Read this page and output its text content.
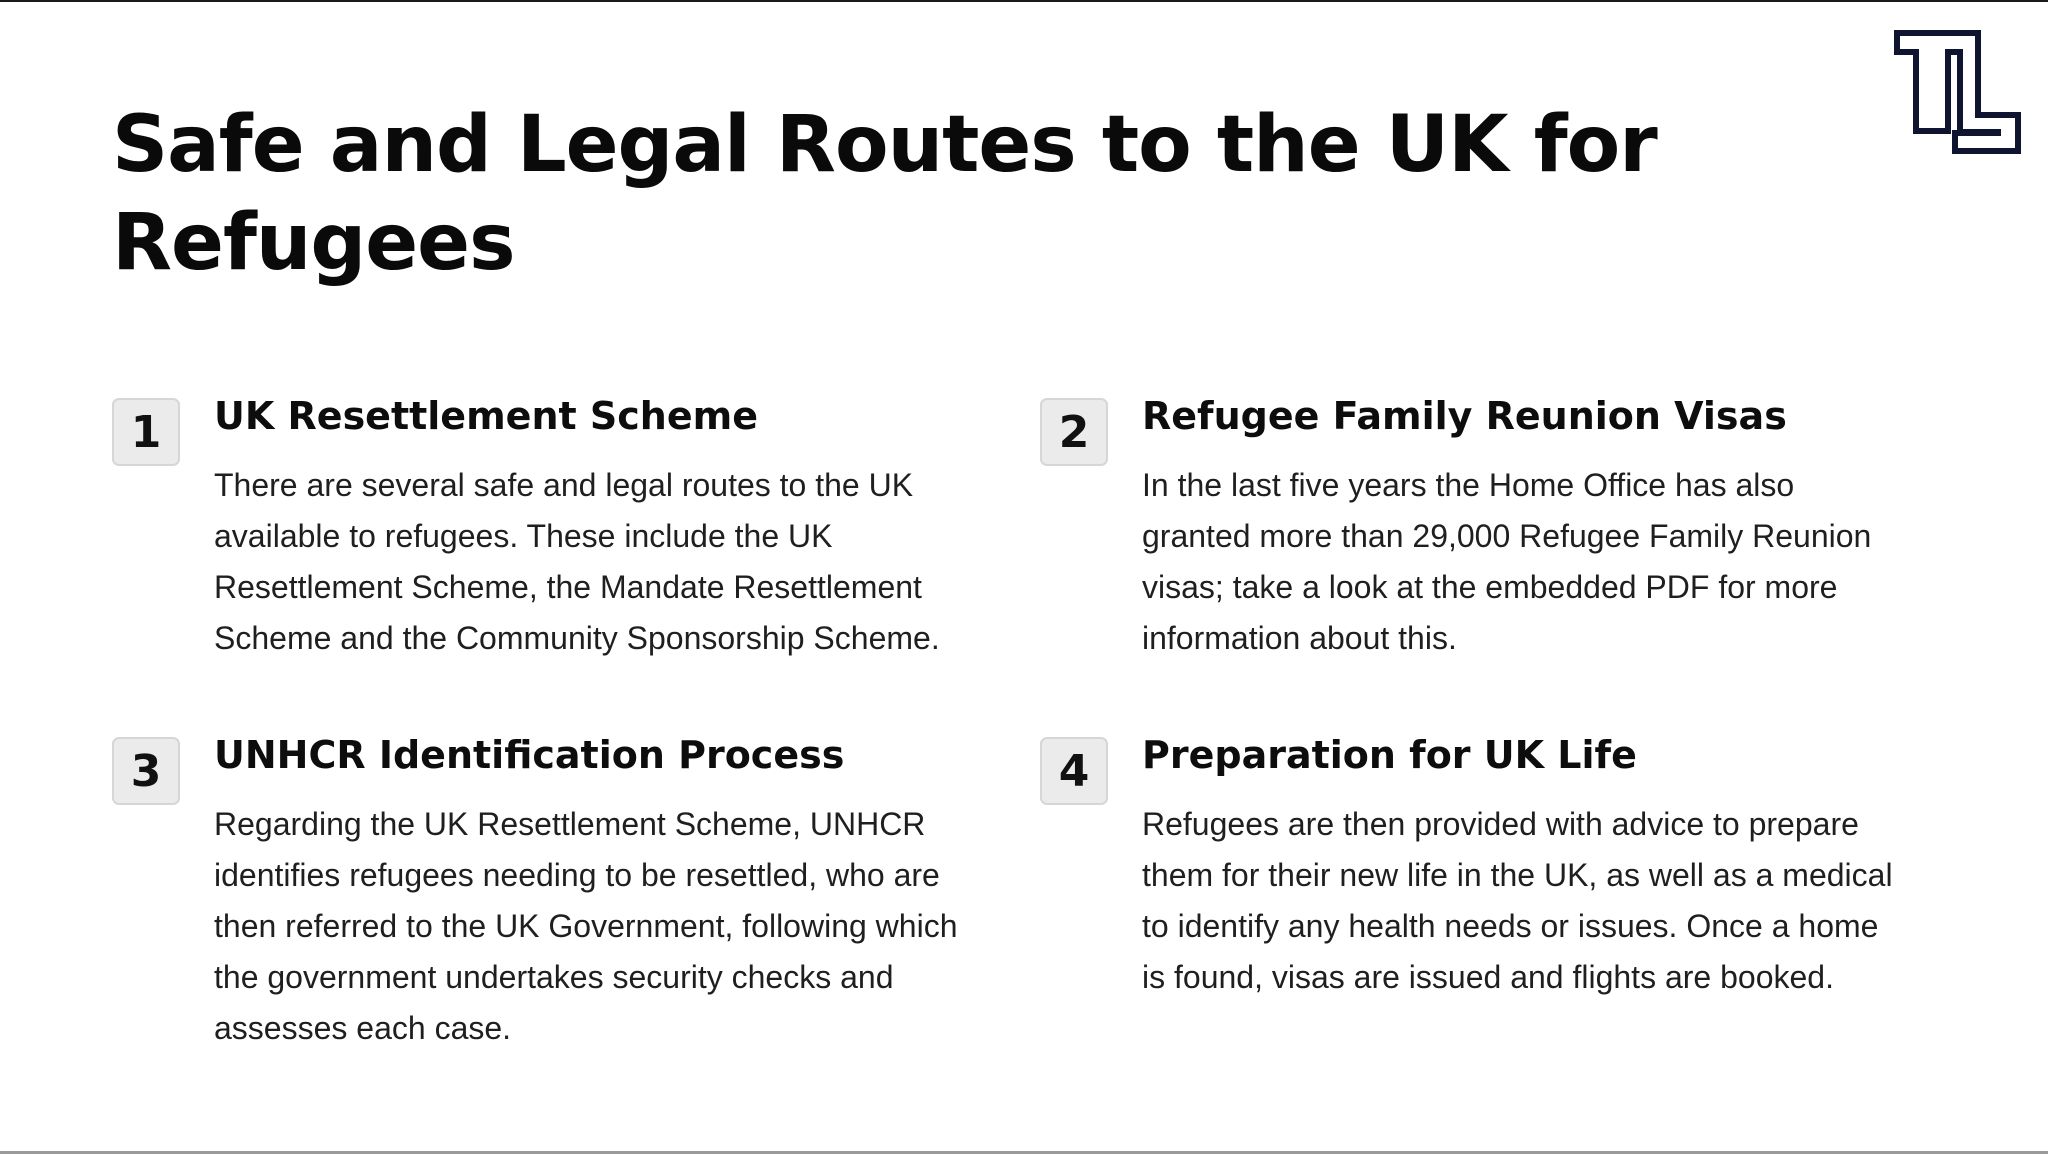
Safe and Legal Routes to the UK for Refugees
1	UK Resettlement Scheme
There are several safe and legal routes to the UK
available to refugees. These include the UK
Resettlement Scheme, the Mandate Resettlement
Scheme and the Community Sponsorship Scheme.
2	Refugee Family Reunion Visas
In the last five years the Home Office has also
granted more than 29,000 Refugee Family Reunion
visas; take a look at the embedded PDF for more
information about this.
3	UNHCR Identification Process
Regarding the UK Resettlement Scheme, UNHCR
identifies refugees needing to be resettled, who are
then referred to the UK Government, following which
the government undertakes security checks and
assesses each case.
4	Preparation for UK Life
Refugees are then provided with advice to prepare
them for their new life in the UK, as well as a medical
to identify any health needs or issues. Once a home
is found, visas are issued and flights are booked.
